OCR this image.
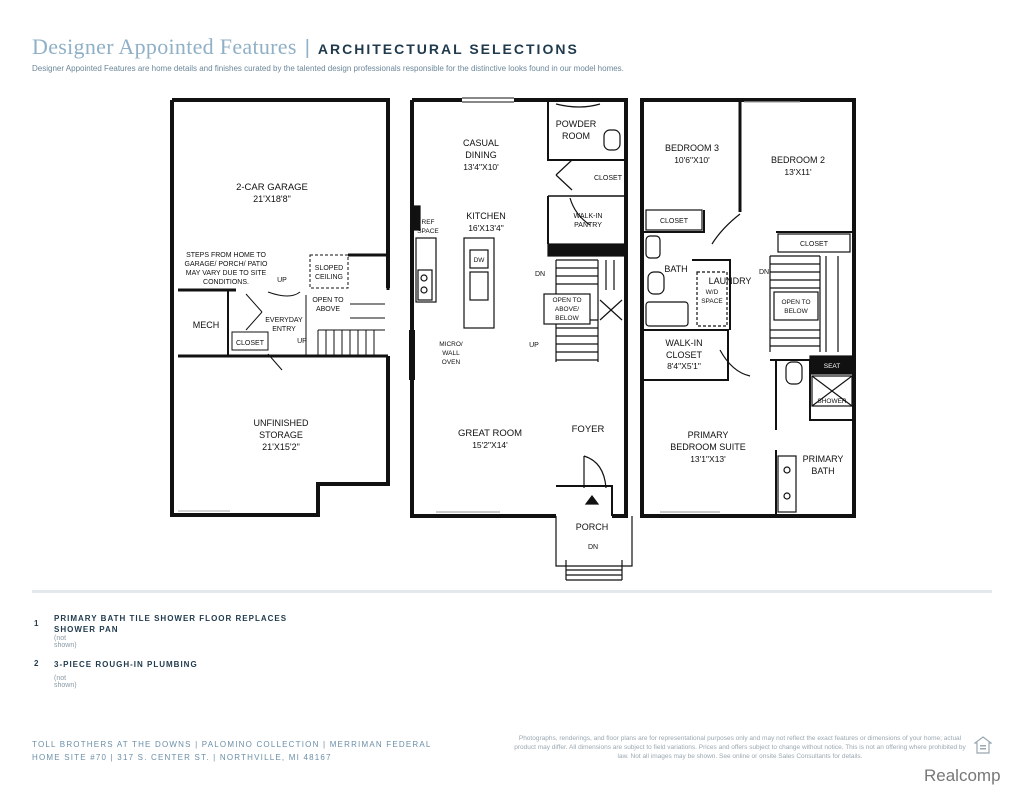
Designer Appointed Features | ARCHITECTURAL SELECTIONS
Designer Appointed Features are home details and finishes curated by the talented design professionals responsible for the distinctive looks found in our model homes.
2-CAR GARAGE
21'X18'8"
STEPS FROM HOME TO
GARAGE/ PORCH/ PATIO
MAY VARY DUE TO SITE
CONDITIONS.
SLOPED
CEILING
UP
OPEN TO
ABOVE
MECH	EVERYDAY
ENTRY
CLOSET	UP
UNFINISHED
STORAGE
21'X15'2"
CASUAL
DINING
13'4"X10'
POWDER
ROOM
CLOSET
WALK-IN
PANTRY
REF
SPACE
KITCHEN
16'X13'4"
DW
DN
OPEN TO
ABOVE/
BELOW
MICRO/
WALL
OVEN
UP
GREAT ROOM
15'2"X14'
FOYER
PORCH
DN
BEDROOM 3
10'6"X10'	BEDROOM 2
13'X11'
CLOSET
CLOSET
BATH
LAUNDRY
W/D
SPACE
DN
OPEN TO
BELOW
WALK-IN
CLOSET
8'4"X5'1"	SEAT
SHOWER
PRIMARY
BEDROOM SUITE
13'1"X13'	PRIMARY
BATH
1
PRIMARY BATH TILE SHOWER FLOOR REPLACES SHOWER PAN
(not shown)
2 3-PIECE ROUGH-IN PLUMBING
(not shown)
TOLL BROTHERS AT THE DOWNS | PALOMINO COLLECTION | MERRIMAN FEDERAL
HOME SITE #70 | 317 S. CENTER ST. | NORTHVILLE, MI 48167
Photographs, renderings, and floor plans are for representational purposes only and may not reflect the exact features or dimensions of your home; actual product may differ. All dimensions are subject to field variations. Prices and offers subject to change without notice. This is not an offering where prohibited by law. Not all images may be shown. See online or onsite Sales Consultants for details.
Realcomp
